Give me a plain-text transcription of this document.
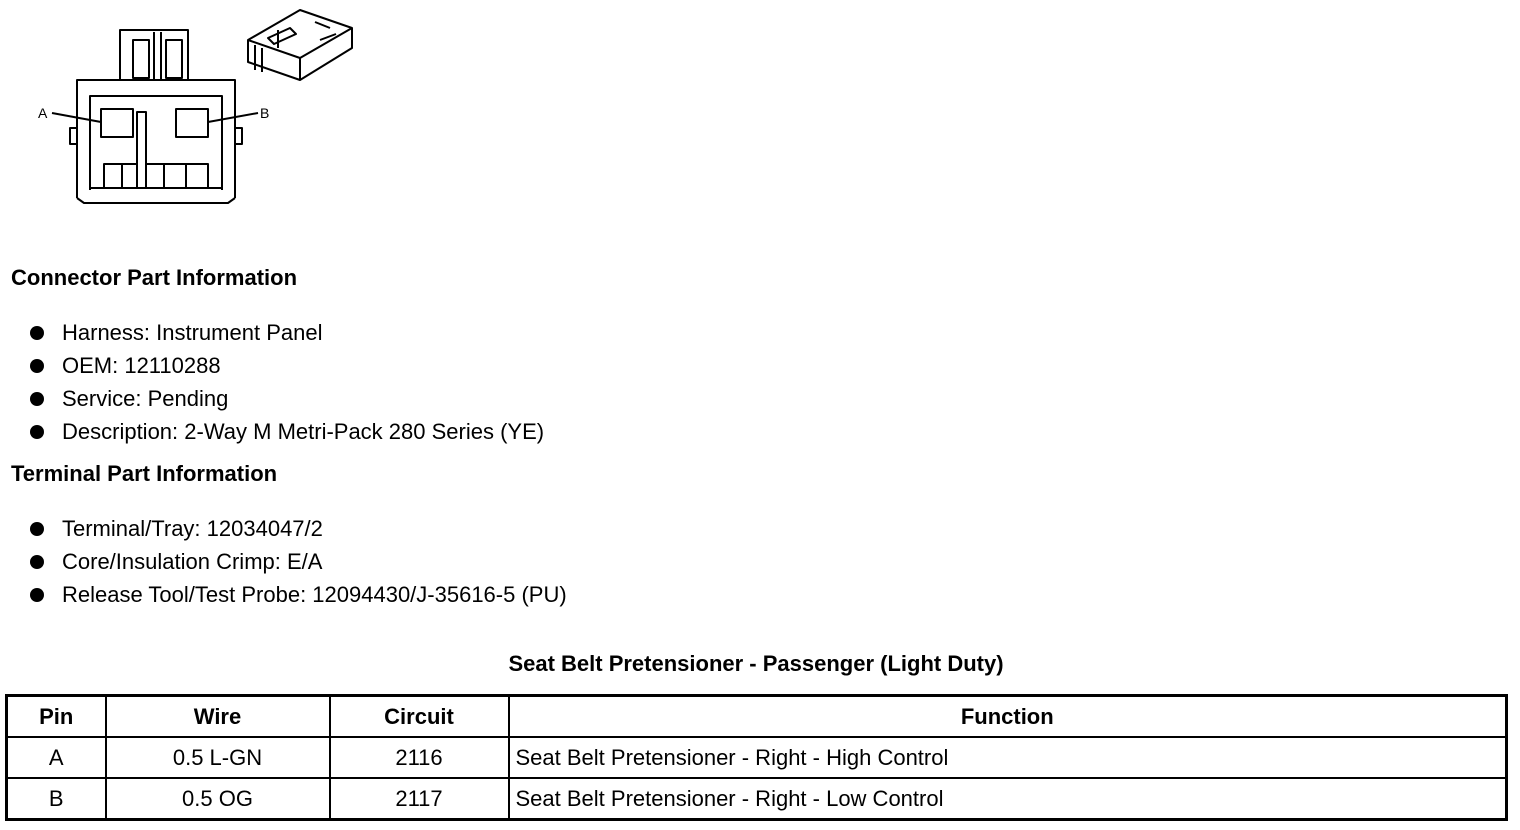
A	B
Connector Part Information
Harness: Instrument Panel
OEM: 12110288
Service: Pending
Description: 2-Way M Metri-Pack 280 Series (YE)
Terminal Part Information
Terminal/Tray: 12034047/2
Core/Insulation Crimp: E/A
Release Tool/Test Probe: 12094430/J-35616-5 (PU)
Seat Belt Pretensioner - Passenger (Light Duty)
Pin	Wire	Circuit	Function
A	0.5 L-GN	2116	Seat Belt Pretensioner - Right - High Control
B	0.5 OG	2117	Seat Belt Pretensioner - Right - Low Control
